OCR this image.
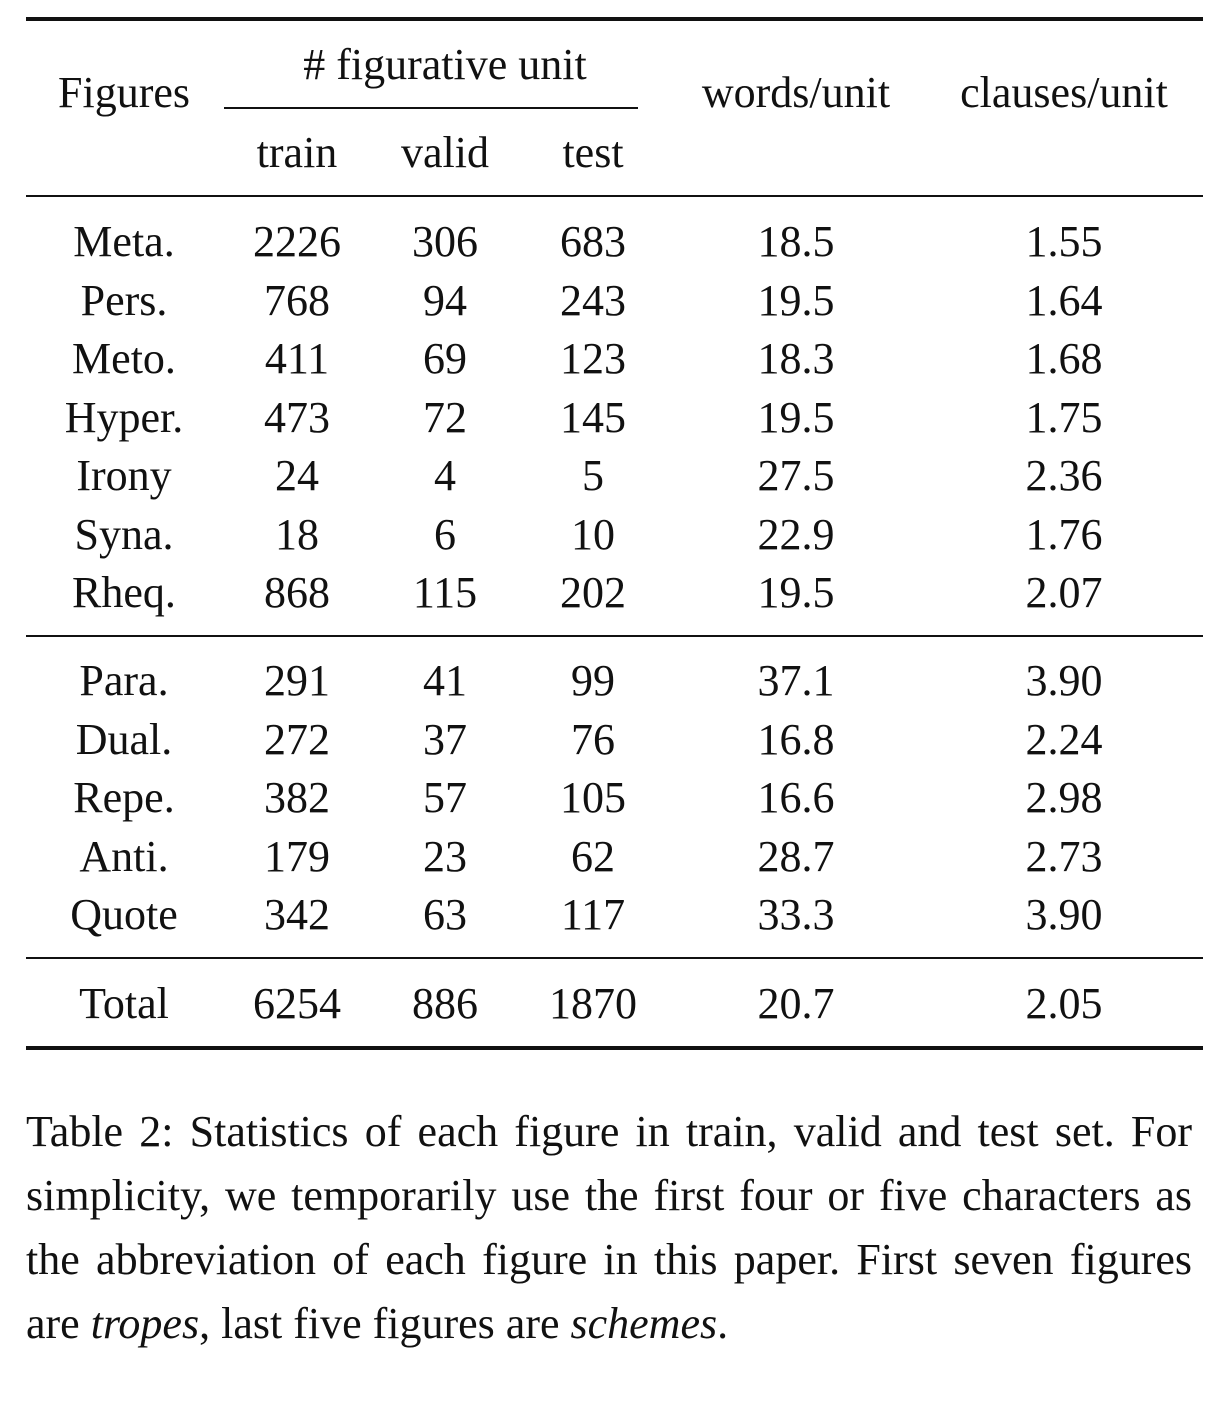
Figures
# figurative unit
train valid test
words/unit clauses/unit
Meta. 2226 306 683	18.5	1.55
Pers. 768 94 243	19.5	1.64
Meto. 411 69 123	18.3	1.68
Hyper. 473 72 145	19.5	1.75
Irony 24	4	5	27.5	2.36
Syna. 18	6	10	22.9	1.76
Rheq. 868 115 202	19.5	2.07
Para. 291 41 99	37.1	3.90
Dual. 272 37 76	16.8	2.24
Repe. 382 57 105	16.6	2.98
Anti. 179 23 62	28.7	2.73
Quote 342 63 117	33.3	3.90
Total 6254 886 1870	20.7	2.05
Table 2: Statistics of each figure in train, valid and test set. For simplicity, we temporarily use the first four or five characters as the abbreviation of each figure in this paper. First seven figures are tropes, last five figures are schemes.
